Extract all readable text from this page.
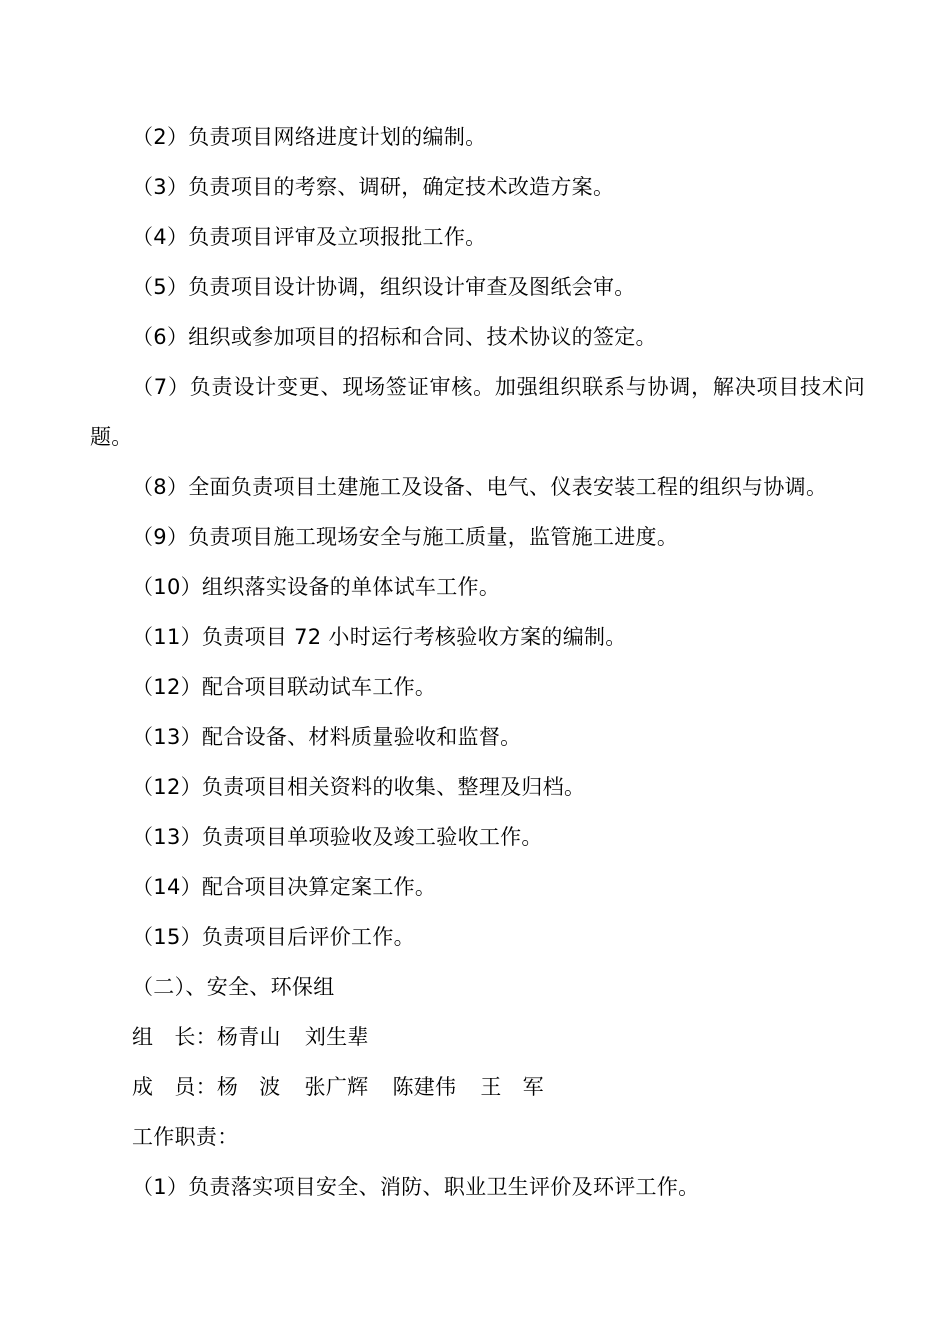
（2）负责项目网络进度计划的编制。

（3）负责项目的考察、调研，确定技术改造方案。

（4）负责项目评审及立项报批工作。

（5）负责项目设计协调，组织设计审查及图纸会审。

（6）组织或参加项目的招标和合同、技术协议的签定。

（7）负责设计变更、现场签证审核。加强组织联系与协调，解决项目技术问题。

（8）全面负责项目土建施工及设备、电气、仪表安装工程的组织与协调。

（9）负责项目施工现场安全与施工质量，监管施工进度。

（10）组织落实设备的单体试车工作。

（11）负责项目 72 小时运行考核验收方案的编制。

（12）配合项目联动试车工作。

（13）配合设备、材料质量验收和监督。

（12）负责项目相关资料的收集、整理及归档。

（13）负责项目单项验收及竣工验收工作。

（14）配合项目决算定案工作。

（15）负责项目后评价工作。

（二）、安全、环保组

组 长：杨青山 刘生辈

成 员：杨 波 张广辉 陈建伟 王 军

工作职责：

（1）负责落实项目安全、消防、职业卫生评价及环评工作。
